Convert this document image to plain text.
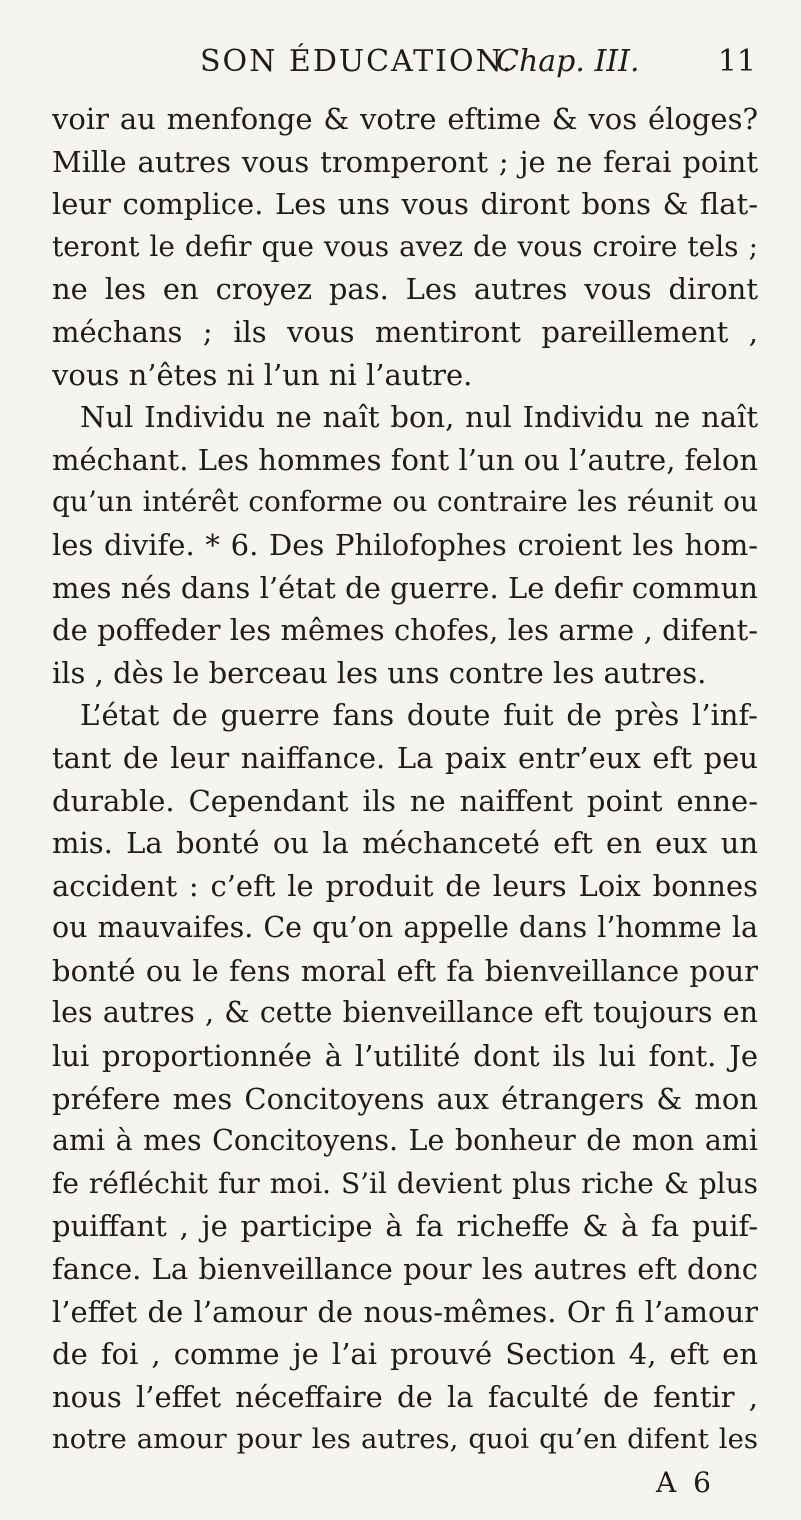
SON ÉDUCATION.
Chap. III.	11
voir au menfonge & votre eftime & vos éloges?
Mille autres vous tromperont ; je ne ferai point
leur complice. Les uns vous diront bons & flat-
teront le defir que vous avez de vous croire tels ;
ne les en croyez pas. Les autres vous diront
méchans ; ils vous mentiront pareillement ,
vous n’êtes ni l’un ni l’autre.
Nul Individu ne naît bon, nul Individu ne naît
méchant. Les hommes font l’un ou l’autre, felon
qu’un intérêt conforme ou contraire les réunit ou
les divife. * 6. Des Philofophes croient les hom-
mes nés dans l’état de guerre. Le defir commun
de poffeder les mêmes chofes, les arme , difent-
ils , dès le berceau les uns contre les autres.
L’état de guerre fans doute fuit de près l’inf-
tant de leur naiffance. La paix entr’eux eft peu
durable. Cependant ils ne naiffent point enne-
mis. La bonté ou la méchanceté eft en eux un
accident : c’eft le produit de leurs Loix bonnes
ou mauvaifes. Ce qu’on appelle dans l’homme la
bonté ou le fens moral eft fa bienveillance pour
les autres , & cette bienveillance eft toujours en
lui proportionnée à l’utilité dont ils lui font. Je
préfere mes Concitoyens aux étrangers & mon
ami à mes Concitoyens. Le bonheur de mon ami
fe réfléchit fur moi. S’il devient plus riche & plus
puiffant , je participe à fa richeffe & à fa puif-
fance. La bienveillance pour les autres eft donc
l’effet de l’amour de nous-mêmes. Or fi l’amour
de foi , comme je l’ai prouvé Section 4, eft en
nous l’effet néceffaire de la faculté de fentir ,
notre amour pour les autres, quoi qu’en difent les
A 6
